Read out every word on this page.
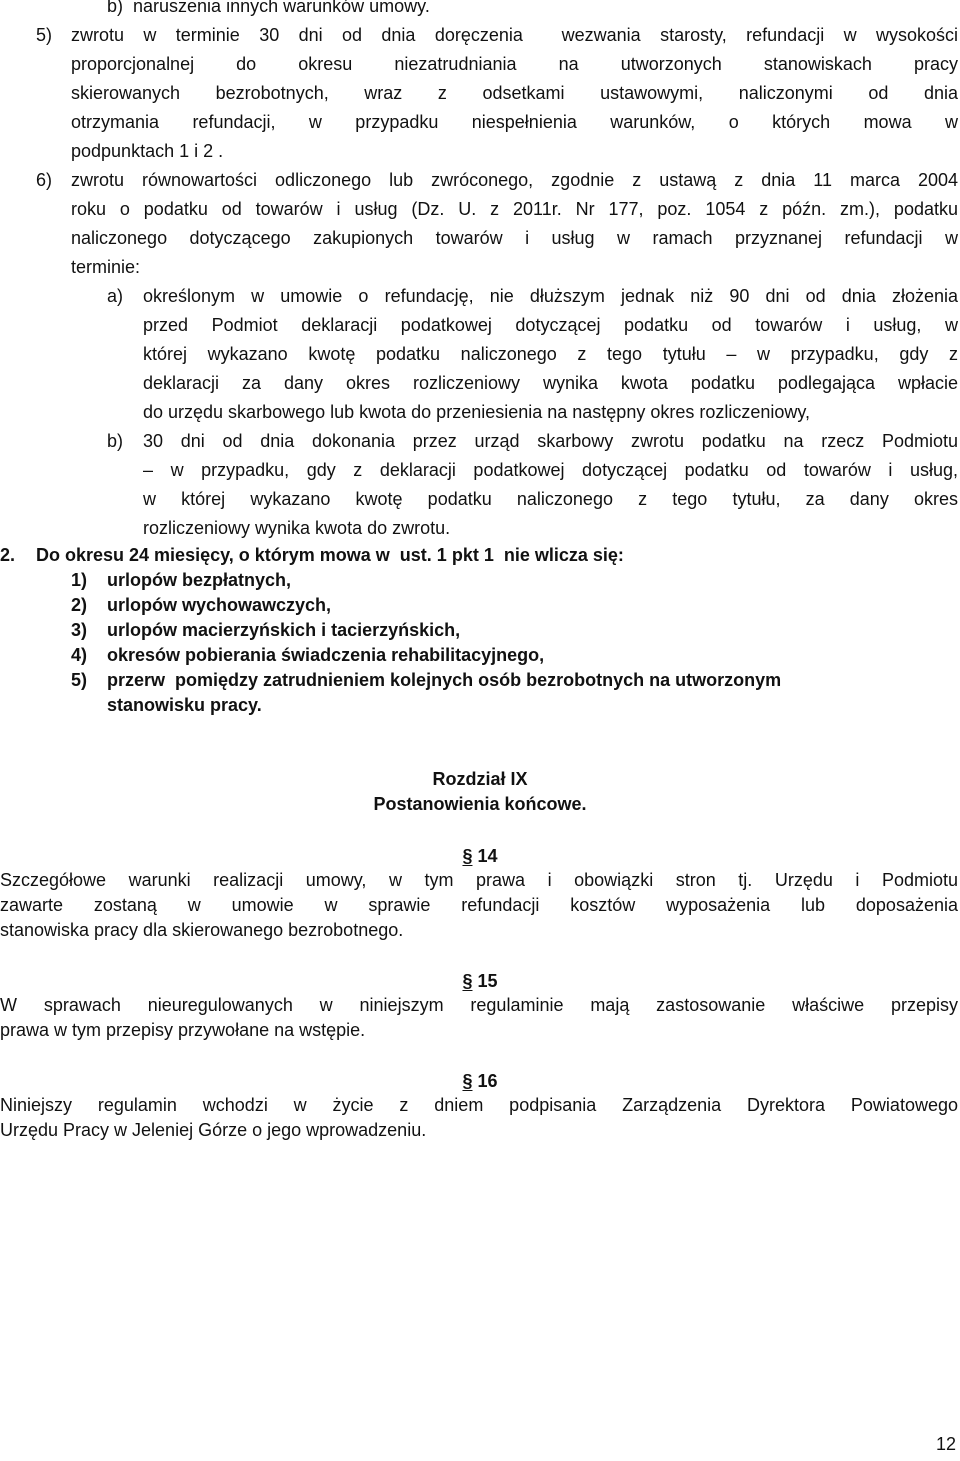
b)  naruszenia innych warunków umowy.
5) zwrotu w terminie 30 dni od dnia doręczenia  wezwania starosty, refundacji w wysokości
proporcjonalnej do okresu niezatrudniania na utworzonych stanowiskach pracy
skierowanych bezrobotnych, wraz z odsetkami ustawowymi, naliczonymi od dnia
otrzymania refundacji, w przypadku niespełnienia warunków, o których mowa w
podpunktach 1 i 2 .
6) zwrotu równowartości odliczonego lub zwróconego, zgodnie z ustawą z dnia 11 marca 2004
roku o podatku od towarów i usług (Dz. U. z 2011r. Nr 177, poz. 1054 z późn. zm.), podatku
naliczonego dotyczącego zakupionych towarów i usług w ramach przyznanej refundacji w
terminie:
a) określonym w umowie o refundację, nie dłuższym jednak niż 90 dni od dnia złożenia
przed Podmiot deklaracji podatkowej dotyczącej podatku od towarów i usług, w
której wykazano kwotę podatku naliczonego z tego tytułu – w przypadku, gdy z
deklaracji za dany okres rozliczeniowy wynika kwota podatku podlegająca wpłacie
do urzędu skarbowego lub kwota do przeniesienia na następny okres rozliczeniowy,
b) 30 dni od dnia dokonania przez urząd skarbowy zwrotu podatku na rzecz Podmiotu
– w przypadku, gdy z deklaracji podatkowej dotyczącej podatku od towarów i usług,
w której wykazano kwotę podatku naliczonego z tego tytułu, za dany okres
rozliczeniowy wynika kwota do zwrotu.
2. Do okresu 24 miesięcy, o którym mowa w  ust. 1 pkt 1  nie wlicza się:
1) urlopów bezpłatnych,
2) urlopów wychowawczych,
3) urlopów macierzyńskich i tacierzyńskich,
4) okresów pobierania świadczenia rehabilitacyjnego,
5) przerw  pomiędzy zatrudnieniem kolejnych osób bezrobotnych na utworzonym
stanowisku pracy.
Rozdział IX
Postanowienia końcowe.
§ 14
Szczegółowe warunki realizacji umowy, w tym prawa i obowiązki stron tj. Urzędu i Podmiotu
zawarte zostaną w umowie w sprawie refundacji kosztów wyposażenia lub doposażenia
stanowiska pracy dla skierowanego bezrobotnego.
§ 15
W sprawach nieuregulowanych w niniejszym regulaminie mają zastosowanie właściwe przepisy
prawa w tym przepisy przywołane na wstępie.
§ 16
Niniejszy regulamin wchodzi w życie z dniem podpisania Zarządzenia Dyrektora Powiatowego
Urzędu Pracy w Jeleniej Górze o jego wprowadzeniu.
12
